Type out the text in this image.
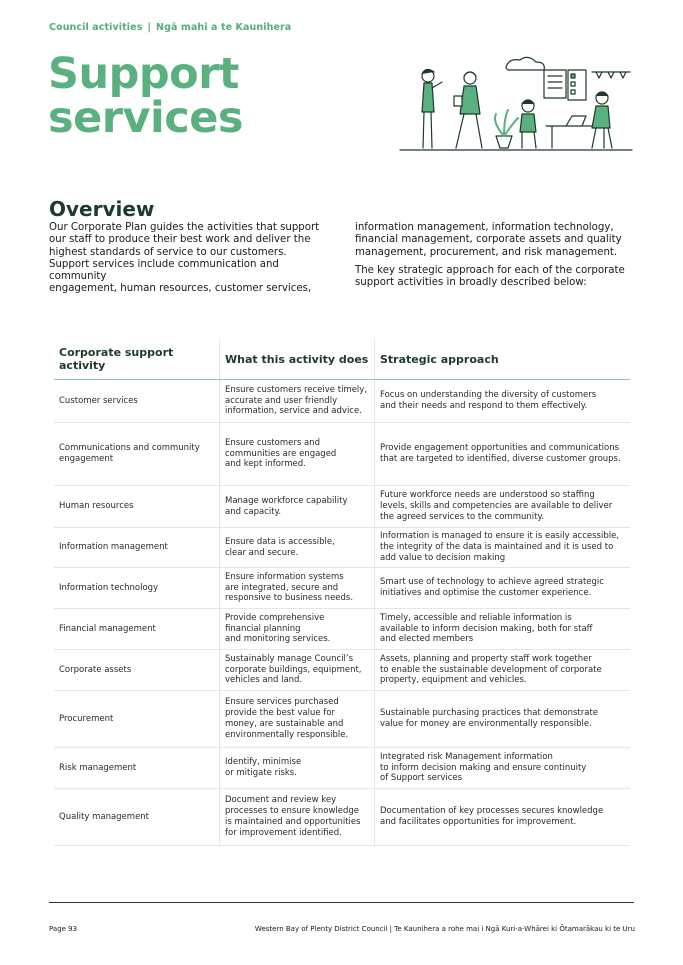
Council activities | Ngā mahi a te Kaunihera
Support
services
Overview

Our Corporate Plan guides the activities that support
our staff to produce their best work and deliver the
highest standards of service to our customers.
Support services include communication and community
engagement, human resources, customer services,

information management, information technology,
financial management, corporate assets and quality
management, procurement, and risk management.

The key strategic approach for each of the corporate
support activities in broadly described below:

Corporate support activity	What this activity does	Strategic approach
Customer services	Ensure customers receive timely,
accurate and user friendly
information, service and advice.	Focus on understanding the diversity of customers
and their needs and respond to them effectively.
Communications and community
engagement	Ensure customers and
communities are engaged
and kept informed.	Provide engagement opportunities and communications
that are targeted to identified, diverse customer groups.
Human resources	Manage workforce capability
and capacity.	Future workforce needs are understood so staffing
levels, skills and competencies are available to deliver
the agreed services to the community.
Information management	Ensure data is accessible,
clear and secure.	Information is managed to ensure it is easily accessible,
the integrity of the data is maintained and it is used to
add value to decision making
Information technology	Ensure information systems
are integrated, secure and
responsive to business needs.	Smart use of technology to achieve agreed strategic
initiatives and optimise the customer experience.
Financial management	Provide comprehensive
financial planning
and monitoring services.	Timely, accessible and reliable information is
available to inform decision making, both for staff
and elected members
Corporate assets	Sustainably manage Council’s
corporate buildings, equipment,
vehicles and land.	Assets, planning and property staff work together
to enable the sustainable development of corporate
property, equipment and vehicles.
Procurement	Ensure services purchased
provide the best value for
money, are sustainable and
environmentally responsible.	Sustainable purchasing practices that demonstrate
value for money are environmentally responsible.
Risk management	Identify, minimise
or mitigate risks.	Integrated risk Management information
to inform decision making and ensure continuity
of Support services
Quality management	Document and review key
processes to ensure knowledge
is maintained and opportunities
for improvement identified.	Documentation of key processes secures knowledge
and facilitates opportunities for improvement.
Page 93	Western Bay of Plenty District Council | Te Kaunihera a rohe mai i Ngā Kuri-a-Whārei ki Ōtamarākau ki te Uru
